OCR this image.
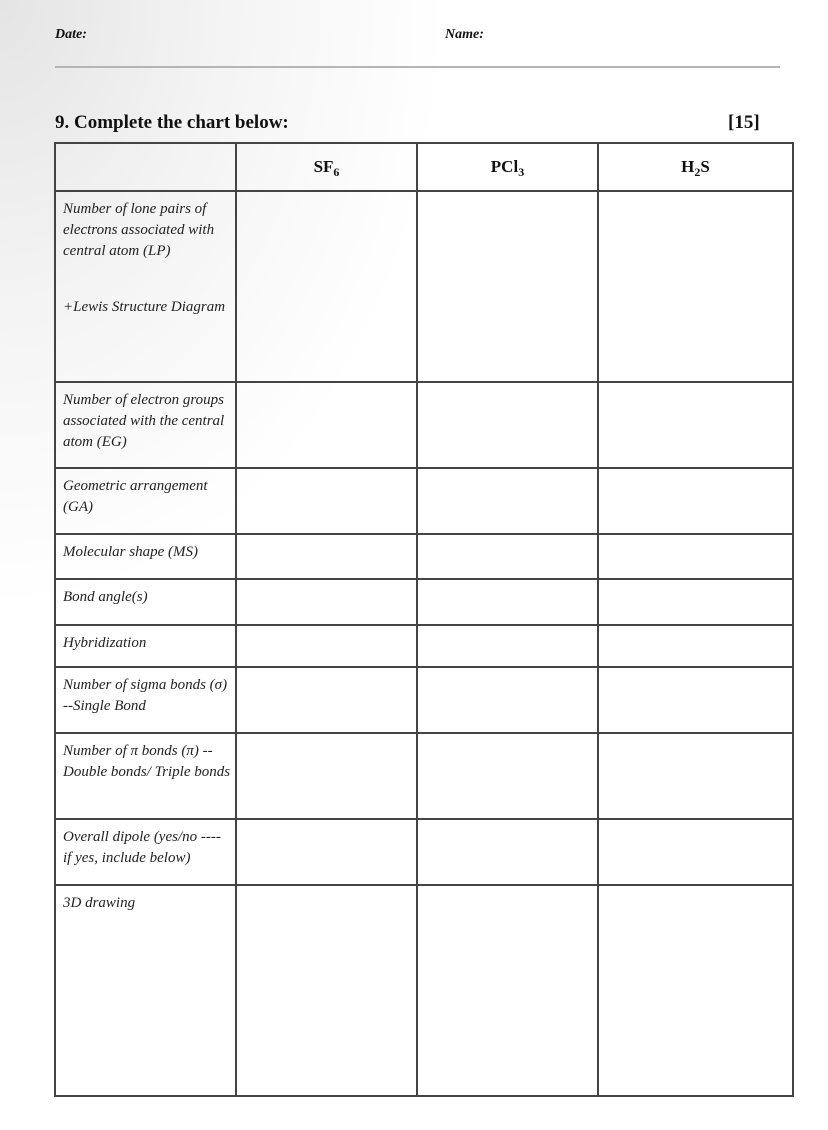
Date:	Name:
9. Complete the chart below:	[15]
	$SF_6$	PCl$_3$	$H_2S$
Number of lone pairs of electrons associated with central atom (LP)
+Lewis Structure Diagram			

Number of electron groups associated with the central atom (EG)			
Geometric arrangement (GA)			
Molecular shape (MS)			
Bond angle(s)			
Hybridization			
Number of sigma bonds (σ) --Single Bond			
Number of π bonds (π) -- Double bonds/ Triple bonds			
Overall dipole (yes/no ---- if yes, include below)			
3D drawing			
